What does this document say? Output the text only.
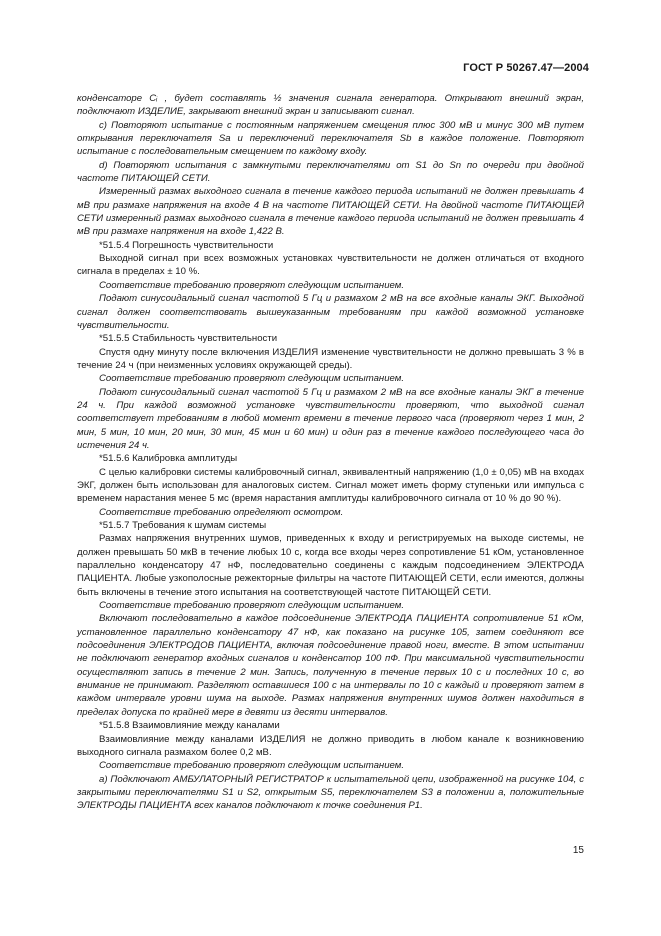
ГОСТ Р 50267.47—2004

конденсаторе Cᵢ , будет составлять ½ значения сигнала генератора. Открывают внешний экран, подключают ИЗДЕЛИЕ, закрывают внешний экран и записывают сигнал.

c) Повторяют испытание с постоянным напряжением смещения плюс 300 мВ и минус 300 мВ путем открывания переключателя Sa и переключений переключателя Sb в каждое положение. Повторяют испытание с последовательным смещением по каждому входу.

d) Повторяют испытания с замкнутыми переключателями от S1 до Sn по очереди при двойной частоте ПИТАЮЩЕЙ СЕТИ.

Измеренный размах выходного сигнала в течение каждого периода испытаний не должен превышать 4 мВ при размахе напряжения на входе 4 В на частоте ПИТАЮЩЕЙ СЕТИ. На двойной частоте ПИТАЮЩЕЙ СЕТИ измеренный размах выходного сигнала в течение каждого периода испытаний не должен превышать 4 мВ при размахе напряжения на входе 1,422 В.

*51.5.4 Погрешность чувствительности

Выходной сигнал при всех возможных установках чувствительности не должен отличаться от входного сигнала в пределах ± 10 %.

Соответствие требованию проверяют следующим испытанием.

Подают синусоидальный сигнал частотой 5 Гц и размахом 2 мВ на все входные каналы ЭКГ. Выходной сигнал должен соответствовать вышеуказанным требованиям при каждой возможной установке чувствительности.

*51.5.5 Стабильность чувствительности

Спустя одну минуту после включения ИЗДЕЛИЯ изменение чувствительности не должно превышать 3 % в течение 24 ч (при неизменных условиях окружающей среды).

Соответствие требованию проверяют следующим испытанием.

Подают синусоидальный сигнал частотой 5 Гц и размахом 2 мВ на все входные каналы ЭКГ в течение 24 ч. При каждой возможной установке чувствительности проверяют, что выходной сигнал соответствует требованиям в любой момент времени в течение первого часа (проверяют через 1 мин, 2 мин, 5 мин, 10 мин, 20 мин, 30 мин, 45 мин и 60 мин) и один раз в течение каждого последующего часа до истечения 24 ч.

*51.5.6 Калибровка амплитуды

С целью калибровки системы калибровочный сигнал, эквивалентный напряжению (1,0 ± 0,05) мВ на входах ЭКГ, должен быть использован для аналоговых систем. Сигнал может иметь форму ступеньки или импульса с временем нарастания менее 5 мс (время нарастания амплитуды калибровочного сигнала от 10 % до 90 %).

Соответствие требованию определяют осмотром.

*51.5.7 Требования к шумам системы

Размах напряжения внутренних шумов, приведенных к входу и регистрируемых на выходе системы, не должен превышать 50 мкВ в течение любых 10 с, когда все входы через сопротивление 51 кОм, установленное параллельно конденсатору 47 нФ, последовательно соединены с каждым подсоединением ЭЛЕКТРОДА ПАЦИЕНТА. Любые узкополосные режекторные фильтры на частоте ПИТАЮЩЕЙ СЕТИ, если имеются, должны быть включены в течение этого испытания на соответствующей частоте ПИТАЮЩЕЙ СЕТИ.

Соответствие требованию проверяют следующим испытанием.

Включают последовательно в каждое подсоединение ЭЛЕКТРОДА ПАЦИЕНТА сопротивление 51 кОм, установленное параллельно конденсатору 47 нФ, как показано на рисунке 105, затем соединяют все подсоединения ЭЛЕКТРОДОВ ПАЦИЕНТА, включая подсоединение правой ноги, вместе. В этом испытании не подключают генератор входных сигналов и конденсатор 100 пФ. При максимальной чувствительности осуществляют запись в течение 2 мин. Запись, полученную в течение первых 10 с и последних 10 с, во внимание не принимают. Разделяют оставшиеся 100 с на интервалы по 10 с каждый и проверяют затем в каждом интервале уровни шума на выходе. Размах напряжения внутренних шумов должен находиться в пределах допуска по крайней мере в девяти из десяти интервалов.

*51.5.8 Взаимовлияние между каналами

Взаимовлияние между каналами ИЗДЕЛИЯ не должно приводить в любом канале к возникновению выходного сигнала размахом более 0,2 мВ.

Соответствие требованию проверяют следующим испытанием.

a) Подключают АМБУЛАТОРНЫЙ РЕГИСТРАТОР к испытательной цепи, изображенной на рисунке 104, с закрытыми переключателями S1 и S2, открытым S5, переключателем S3 в положении a, положительные ЭЛЕКТРОДЫ ПАЦИЕНТА всех каналов подключают к точке соединения P1.

15
